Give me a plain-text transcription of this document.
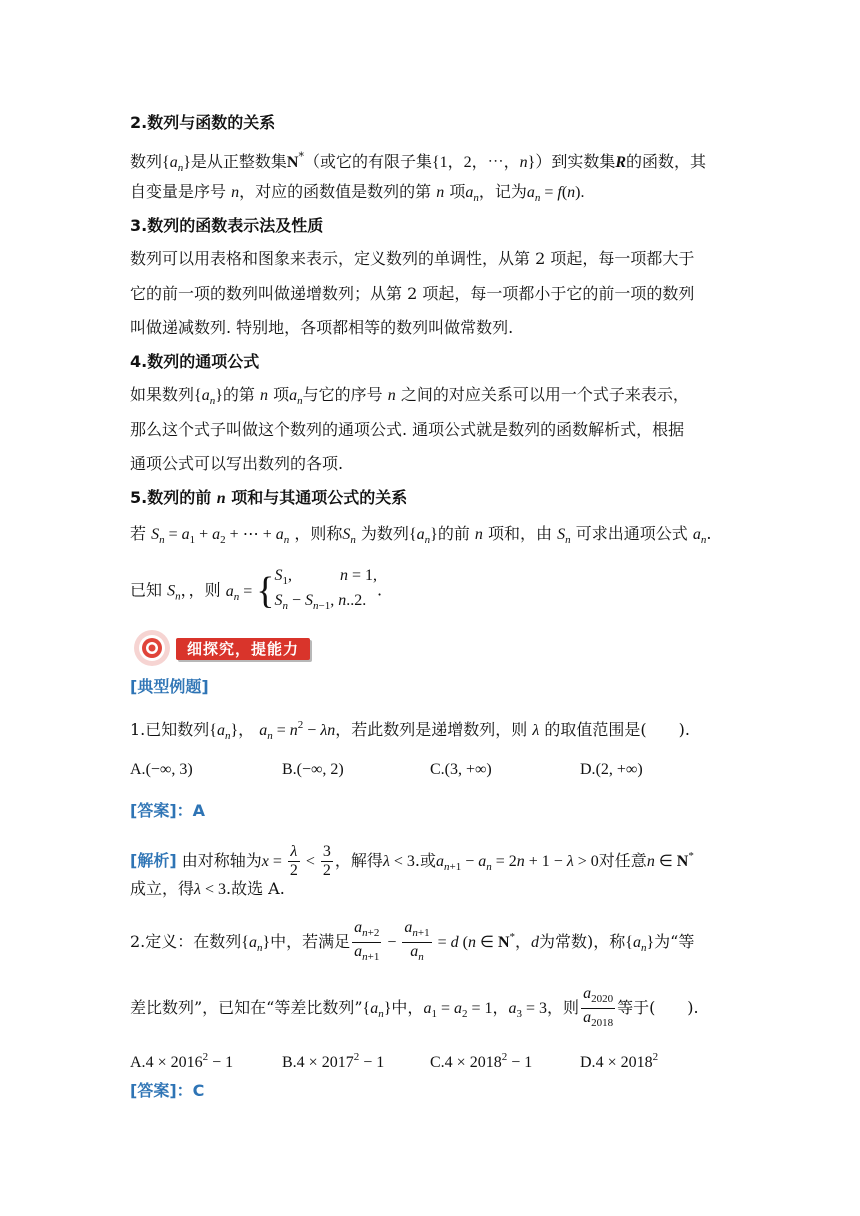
2.数列与函数的关系
数列$\{a_n\}$是从正整数集N*（或它的有限子集{1，2，⋯，n}）到实数集R的函数，其
自变量是序号 n，对应的函数值是数列的第 n 项$a_n$，记为$a_n = f(n)$.
3.数列的函数表示法及性质
数列可以用表格和图象来表示，定义数列的单调性，从第 2 项起，每一项都大于
它的前一项的数列叫做递增数列；从第 2 项起，每一项都小于它的前一项的数列
叫做递减数列. 特别地，各项都相等的数列叫做常数列.
4.数列的通项公式
如果数列$\{a_n\}$的第 n 项$a_n$与它的序号 n 之间的对应关系可以用一个式子来表示，
那么这个式子叫做这个数列的通项公式. 通项公式就是数列的函数解析式，根据
通项公式可以写出数列的各项.
5.数列的前 n 项和与其通项公式的关系
若 $S_n = a_1 + a_2$ + ⋯ + $a_n$ ，则称$S_n$ 为数列$\{a_n\}$的前 n 项和，由 $S_n$ 可求出通项公式 $a_n$.
已知 $S_n$，，则 $a_n$ = { $S_1$,            n = 1,
$S_n - S_{n-1}$, n..2.
.
细探究，提能力
[典型例题]
1.已知数列$\{a_n\}$， $a_n = n^2 - \lambda n$，若此数列是递增数列，则 λ 的取值范围是(　　).
A.(−∞, 3)	B.(−∞, 2)	C.(3, +∞)	D.(2, +∞)
[答案]：A
[解析] 由对称轴为$x = \frac{\lambda}{2} < \frac{3}{2}$ ，解得λ < 3.或$a_{n+1} - a_n = 2n + 1 - \lambda > 0$对任意n ∈ N*
成立，得λ < 3.故选 A.
2.定义：在数列$\{a_n\}$中，若满足 $\frac{a_{n+2}}{a_{n+1}} - \frac{a_{n+1}}{a_n} = d$ (n ∈ N*，d为常数)，称$\{a_n\}$为“等
差比数列”，已知在“等差比数列$”\{a_n\}$中，$a_1 = a_2 = 1$，$a_3 = 3$，则 $\frac{a_{2020}}{a_{2018}}$ 等于(　　).
$A.4 \times 2016^2 - 1$	$B.4 \times 2017^2 - 1$	$C.4 \times 2018^2 - 1$	$D.4 \times 2018^2$
[答案]：C
